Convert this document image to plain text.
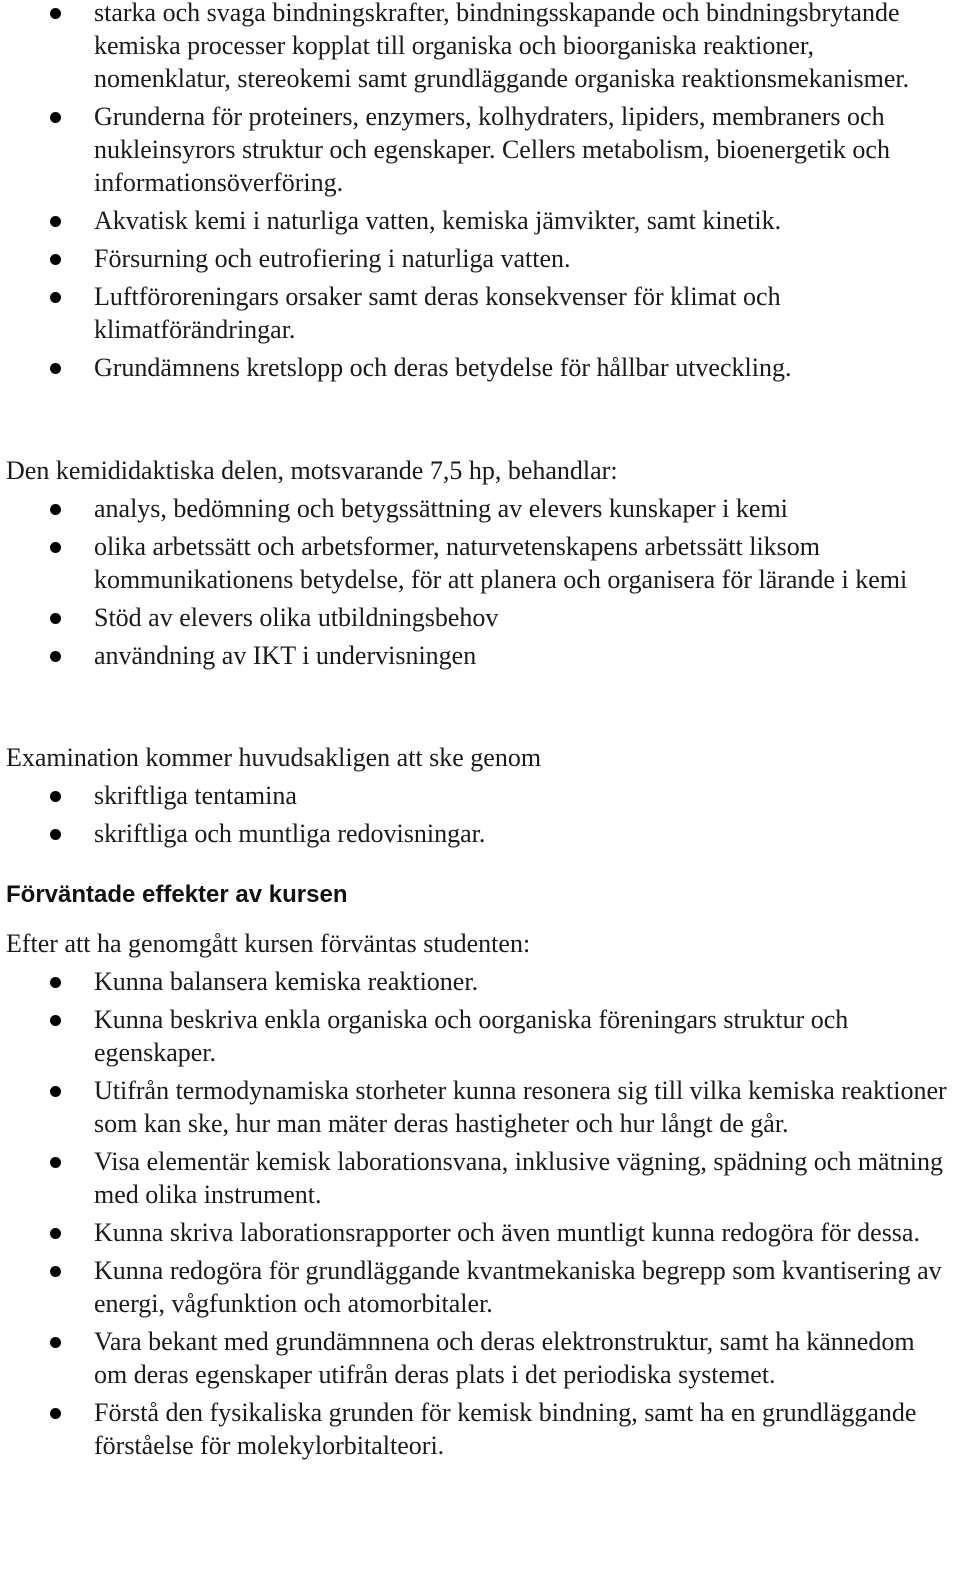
starka och svaga bindningskrafter, bindningsskapande och bindningsbrytande kemiska processer kopplat till organiska och bioorganiska reaktioner, nomenklatur, stereokemi samt grundläggande organiska reaktionsmekanismer.
Grunderna för proteiners, enzymers, kolhydraters, lipiders, membraners och nukleinsyrors struktur och egenskaper. Cellers metabolism, bioenergetik och informationsöverföring.
Akvatisk kemi i naturliga vatten, kemiska jämvikter, samt kinetik.
Försurning och eutrofiering i naturliga vatten.
Luftföroreningars orsaker samt deras konsekvenser för klimat och klimatförändringar.
Grundämnens kretslopp och deras betydelse för hållbar utveckling.

Den kemididaktiska delen, motsvarande 7,5 hp, behandlar:

analys, bedömning och betygssättning av elevers kunskaper i kemi
olika arbetssätt och arbetsformer, naturvetenskapens arbetssätt liksom kommunikationens betydelse, för att planera och organisera för lärande i kemi
Stöd av elevers olika utbildningsbehov
användning av IKT i undervisningen

Examination kommer huvudsakligen att ske genom

skriftliga tentamina
skriftliga och muntliga redovisningar.
Förväntade effekter av kursen

Efter att ha genomgått kursen förväntas studenten:

Kunna balansera kemiska reaktioner.
Kunna beskriva enkla organiska och oorganiska föreningars struktur och egenskaper.
Utifrån termodynamiska storheter kunna resonera sig till vilka kemiska reaktioner som kan ske, hur man mäter deras hastigheter och hur långt de går.
Visa elementär kemisk laborationsvana, inklusive vägning, spädning och mätning med olika instrument.
Kunna skriva laborationsrapporter och även muntligt kunna redogöra för dessa.
Kunna redogöra för grundläggande kvantmekaniska begrepp som kvantisering av energi, vågfunktion och atomorbitaler.
Vara bekant med grundämnnena och deras elektronstruktur, samt ha kännedom om deras egenskaper utifrån deras plats i det periodiska systemet.
Förstå den fysikaliska grunden för kemisk bindning, samt ha en grundläggande förståelse för molekylorbitalteori.
